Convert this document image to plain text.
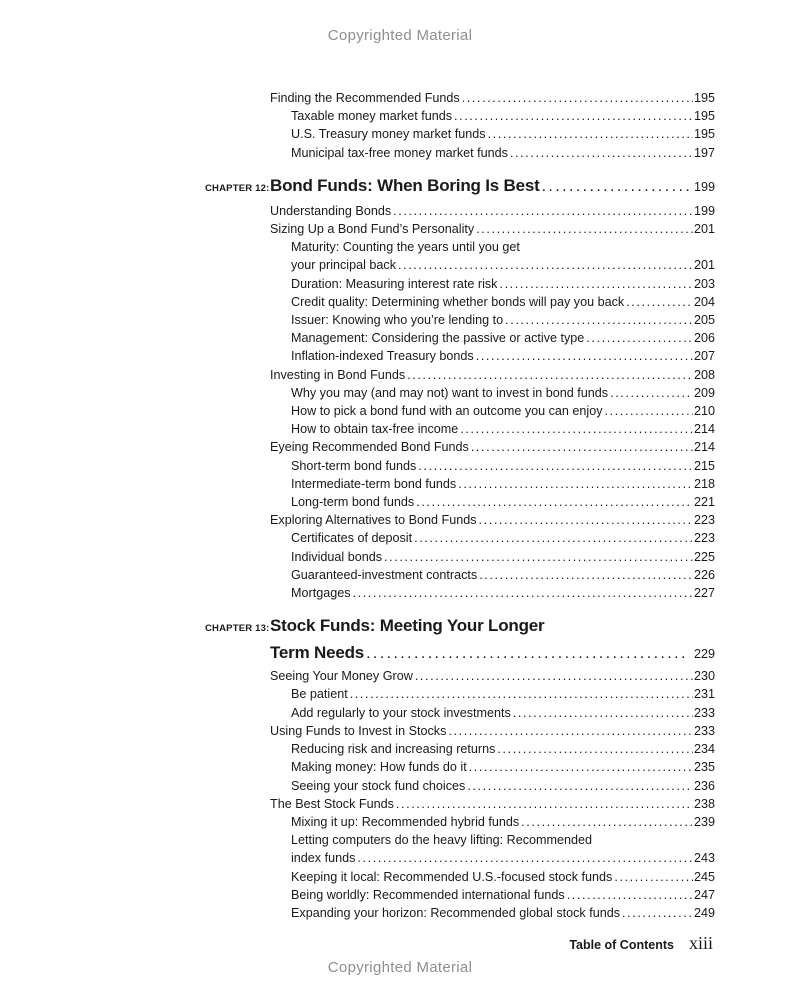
Copyrighted Material
Finding the Recommended Funds .....	195
Taxable money market funds .....	195
U.S. Treasury money market funds .....	195
Municipal tax-free money market funds .....	197
CHAPTER 12: Bond Funds: When Boring Is Best .....	199
Understanding Bonds .....	199
Sizing Up a Bond Fund’s Personality .....	201
Maturity: Counting the years until you get
your principal back .....	201
Duration: Measuring interest rate risk .....	203
Credit quality: Determining whether bonds will pay you back .....	204
Issuer: Knowing who you’re lending to .....	205
Management: Considering the passive or active type .....	206
Inflation-indexed Treasury bonds .....	207
Investing in Bond Funds .....	208
Why you may (and may not) want to invest in bond funds .....	209
How to pick a bond fund with an outcome you can enjoy .....	210
How to obtain tax-free income .....	214
Eyeing Recommended Bond Funds .....	214
Short-term bond funds .....	215
Intermediate-term bond funds .....	218
Long-term bond funds .....	221
Exploring Alternatives to Bond Funds .....	223
Certificates of deposit .....	223
Individual bonds .....	225
Guaranteed-investment contracts .....	226
Mortgages .....	227
CHAPTER 13: Stock Funds: Meeting Your Longer
Term Needs .....	229
Seeing Your Money Grow .....	230
Be patient .....	231
Add regularly to your stock investments .....	233
Using Funds to Invest in Stocks .....	233
Reducing risk and increasing returns .....	234
Making money: How funds do it .....	235
Seeing your stock fund choices .....	236
The Best Stock Funds .....	238
Mixing it up: Recommended hybrid funds .....	239
Letting computers do the heavy lifting: Recommended
index funds .....	243
Keeping it local: Recommended U.S.-focused stock funds .....	245
Being worldly: Recommended international funds .....	247
Expanding your horizon: Recommended global stock funds .....	249
Table of Contents xiii
Copyrighted Material
